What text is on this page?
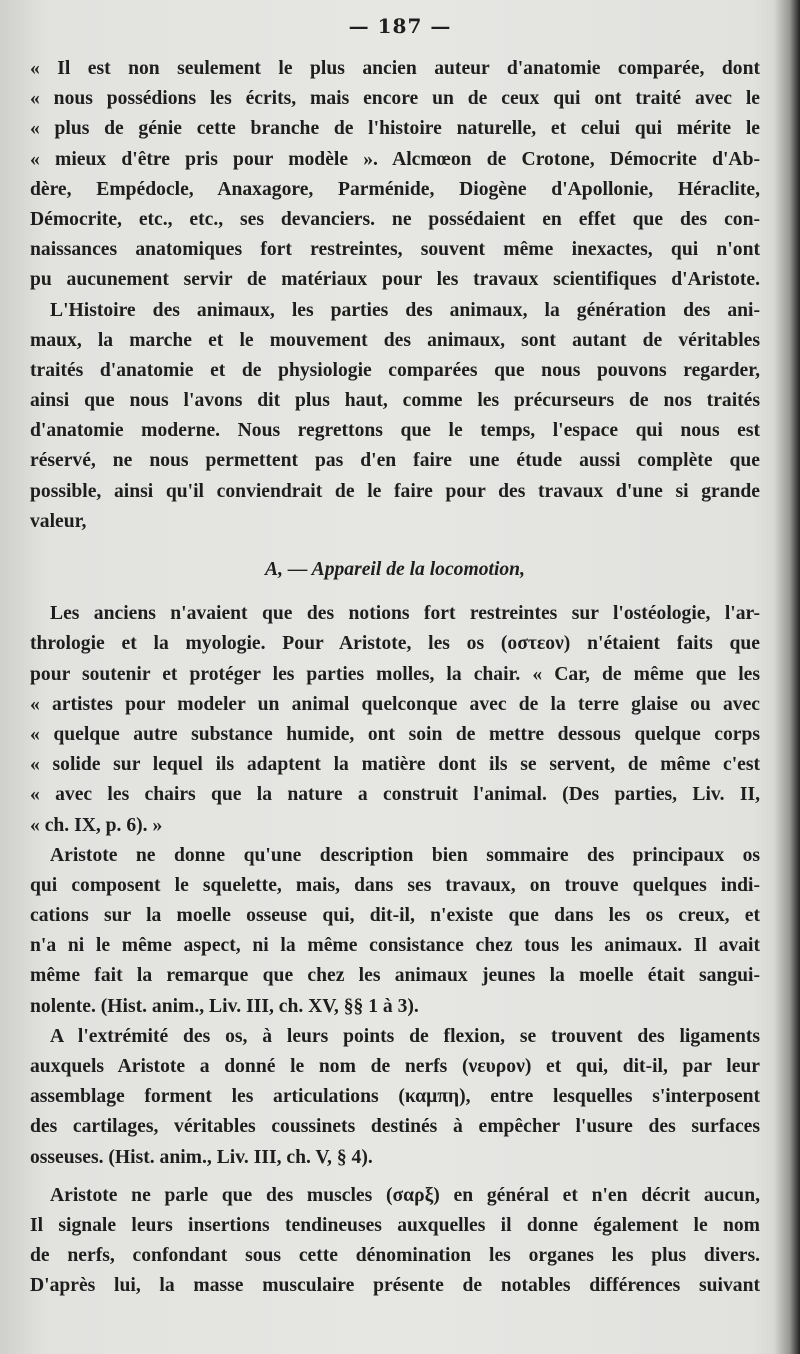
— 187 —
« Il est non seulement le plus ancien auteur d'anatomie comparée, dont
« nous possédions les écrits, mais encore un de ceux qui ont traité avec le
« plus de génie cette branche de l'histoire naturelle, et celui qui mérite le
« mieux d'être pris pour modèle ». Alcmœon de Crotone, Démocrite d'Ab-
dère, Empédocle, Anaxagore, Parménide, Diogène d'Apollonie, Héraclite,
Démocrite, etc., etc., ses devanciers. ne possédaient en effet que des con-
naissances anatomiques fort restreintes, souvent même inexactes, qui n'ont
pu aucunement servir de matériaux pour les travaux scientifiques d'Aristote.
L'Histoire des animaux, les parties des animaux, la génération des ani-
maux, la marche et le mouvement des animaux, sont autant de véritables
traités d'anatomie et de physiologie comparées que nous pouvons regarder,
ainsi que nous l'avons dit plus haut, comme les précurseurs de nos traités
d'anatomie moderne. Nous regrettons que le temps, l'espace qui nous est
réservé, ne nous permettent pas d'en faire une étude aussi complète que
possible, ainsi qu'il conviendrait de le faire pour des travaux d'une si grande
valeur,
A, — Appareil de la locomotion,
Les anciens n'avaient que des notions fort restreintes sur l'ostéologie, l'ar-
thrologie et la myologie. Pour Aristote, les os (οστεον) n'étaient faits que
pour soutenir et protéger les parties molles, la chair. « Car, de même que les
« artistes pour modeler un animal quelconque avec de la terre glaise ou avec
« quelque autre substance humide, ont soin de mettre dessous quelque corps
« solide sur lequel ils adaptent la matière dont ils se servent, de même c'est
« avec les chairs que la nature a construit l'animal. (Des parties, Liv. II,
« ch. IX, p. 6). »
Aristote ne donne qu'une description bien sommaire des principaux os
qui composent le squelette, mais, dans ses travaux, on trouve quelques indi-
cations sur la moelle osseuse qui, dit-il, n'existe que dans les os creux, et
n'a ni le même aspect, ni la même consistance chez tous les animaux. Il avait
même fait la remarque que chez les animaux jeunes la moelle était sangui-
nolente. (Hist. anim., Liv. III, ch. XV, §§ 1 à 3).
A l'extrémité des os, à leurs points de flexion, se trouvent des ligaments
auxquels Aristote a donné le nom de nerfs (νευρον) et qui, dit-il, par leur
assemblage forment les articulations (καμπη), entre lesquelles s'interposent
des cartilages, véritables coussinets destinés à empêcher l'usure des surfaces
osseuses. (Hist. anim., Liv. III, ch. V, § 4).
Aristote ne parle que des muscles (σαρξ) en général et n'en décrit aucun,
Il signale leurs insertions tendineuses auxquelles il donne également le nom
de nerfs, confondant sous cette dénomination les organes les plus divers.
D'après lui, la masse musculaire présente de notables différences suivant
